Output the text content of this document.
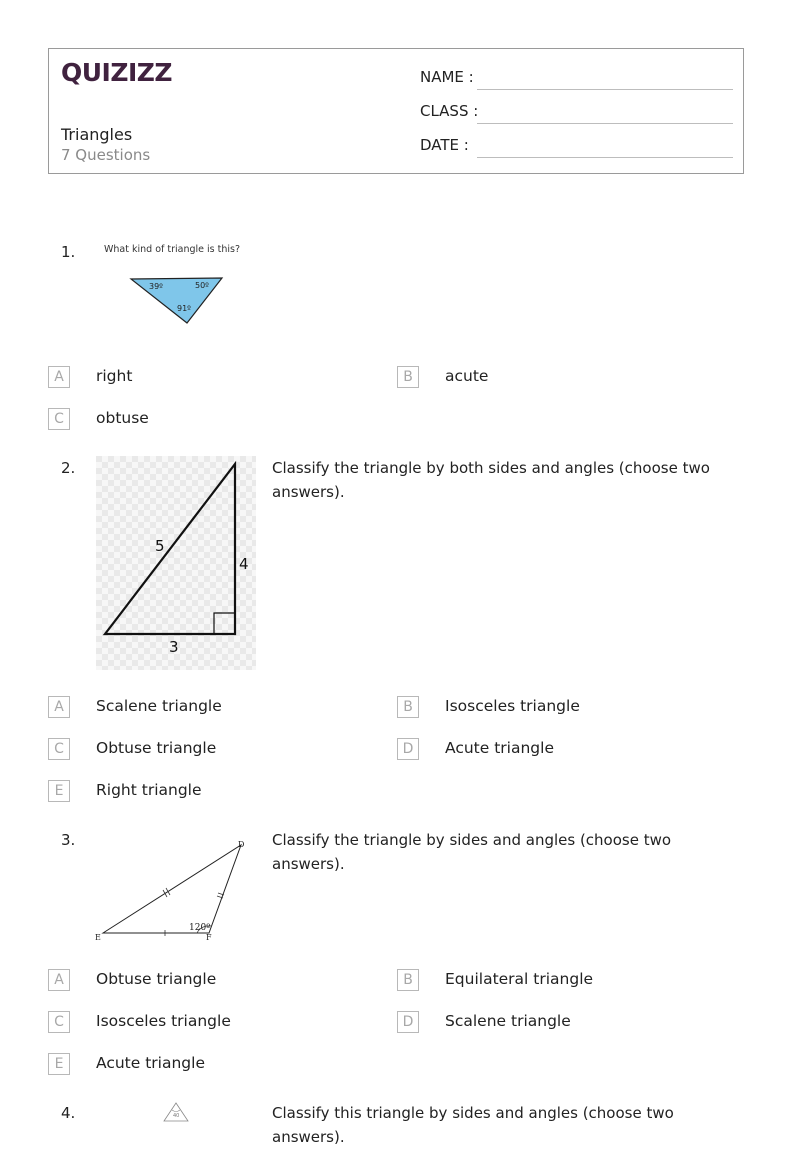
QUIZIZZ
Triangles
7 Questions
NAME :
CLASS :
DATE :
1.	What kind of triangle is this?
39º	50º
91º
A	right	B	acute
C	obtuse
2.
5
4
3
Classify the triangle by both sides and angles (choose two answers).
A	Scalene triangle	B	Isosceles triangle
C	Obtuse triangle	D	Acute triangle
E	Right triangle
3.	D
E	F
120º
Classify the triangle by sides and angles (choose two answers).
A	Obtuse triangle	B	Equilateral triangle
C	Isosceles triangle	D	Scalene triangle
E	Acute triangle
4.	40	Classify this triangle by sides and angles (choose two answers).
